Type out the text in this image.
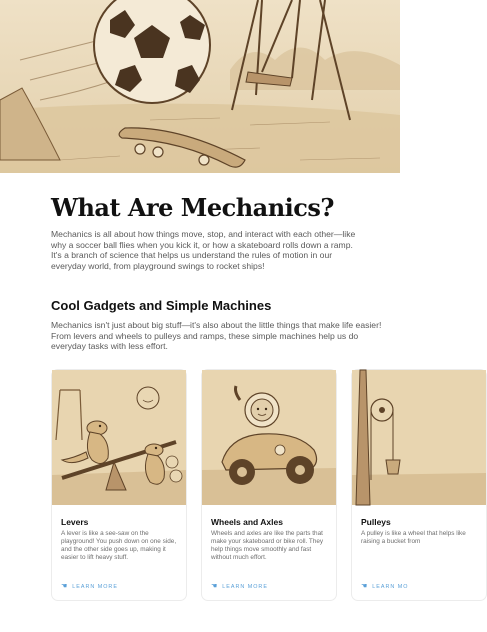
What Are Mechanics?

Mechanics is all about how things move, stop, and interact with each other—like why a soccer ball flies when you kick it, or how a skateboard rolls down a ramp. It's a branch of science that helps us understand the rules of motion in our everyday world, from playground swings to rocket ships!

Cool Gadgets and Simple Machines

Mechanics isn't just about big stuff—it's also about the little things that make life easier! From levers and wheels to pulleys and ramps, these simple machines help us do everyday tasks with less effort.

Levers

A lever is like a see-saw on the playground! You push down on one side, and the other side goes up, making it easier to lift heavy stuff.

☚ LEARN MORE
Wheels and Axles

Wheels and axles are like the parts that make your skateboard or bike roll. They help things move smoothly and fast without much effort.

☚ LEARN MORE
Pulleys

A pulley is like a wheel that helps like raising a bucket from

☚ LEARN MO
